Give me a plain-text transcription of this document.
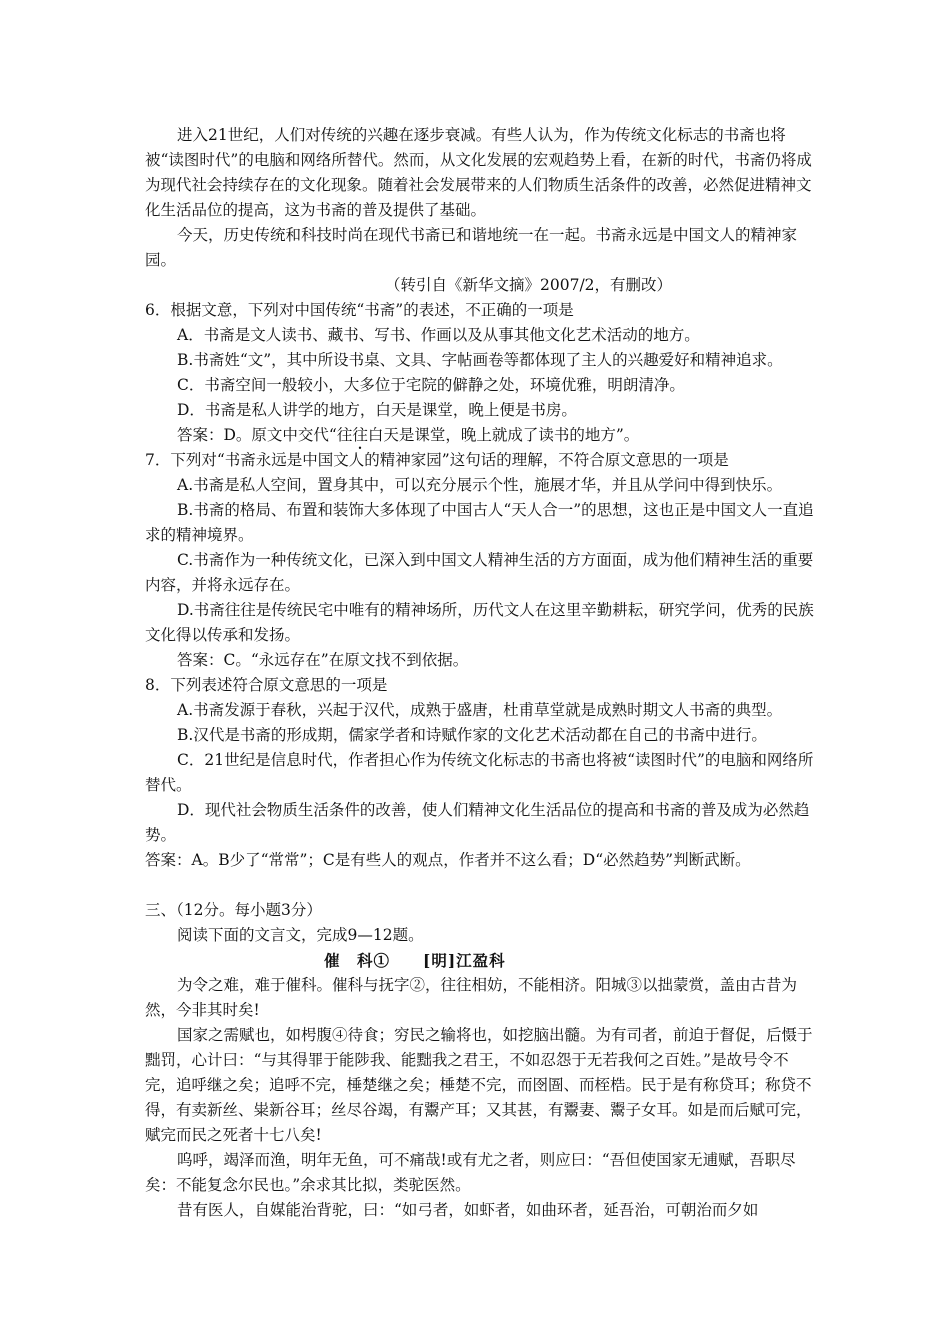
进入21世纪，人们对传统的兴趣在逐步衰减。有些人认为，作为传统文化标志的书斋也将被“读图时代”的电脑和网络所替代。然而，从文化发展的宏观趋势上看，在新的时代，书斋仍将成为现代社会持续存在的文化现象。随着社会发展带来的人们物质生活条件的改善，必然促进精神文化生活品位的提高，这为书斋的普及提供了基础。

今天，历史传统和科技时尚在现代书斋已和谐地统一在一起。书斋永远是中国文人的精神家园。

（转引自《新华文摘》2007/2，有删改）
6．根据文意，下列对中国传统“书斋”的表述，不正确的一项是
A．书斋是文人读书、藏书、写书、作画以及从事其他文化艺术活动的地方。
B.书斋姓“文”，其中所设书桌、文具、字帖画卷等都体现了主人的兴趣爱好和精神追求。
C．书斋空间一般较小，大多位于宅院的僻静之处，环境优雅，明朗清净。
D．书斋是私人讲学的地方，白天是课堂，晚上便是书房。
答案：D。原文中交代“往往白天是课堂，晚上就成了读书的地方”。
7．下列对“书斋永远是中国文人的精神家园”这句话的理解，不符合原文意思的一项是
A.书斋是私人空间，置身其中，可以充分展示个性，施展才华，并且从学问中得到快乐。

B.书斋的格局、布置和装饰大多体现了中国古人“天人合一”的思想，这也正是中国文人一直追求的精神境界。

C.书斋作为一种传统文化，已深入到中国文人精神生活的方方面面，成为他们精神生活的重要内容，并将永远存在。

D.书斋往往是传统民宅中唯有的精神场所，历代文人在这里辛勤耕耘，研究学问，优秀的民族文化得以传承和发扬。

答案：C。“永远存在”在原文找不到依据。
8．下列表述符合原文意思的一项是
A.书斋发源于春秋，兴起于汉代，成熟于盛唐，杜甫草堂就是成熟时期文人书斋的典型。
B.汉代是书斋的形成期，儒家学者和诗赋作家的文化艺术活动都在自己的书斋中进行。

C．21世纪是信息时代，作者担心作为传统文化标志的书斋也将被“读图时代”的电脑和网络所替代。

D．现代社会物质生活条件的改善，使人们精神文化生活品位的提高和书斋的普及成为必然趋势。

答案：A。B少了“常常”；C是有些人的观点，作者并不这么看；D“必然趋势”判断武断。
三、（12分。每小题3分）
阅读下面的文言文，完成9—12题。
催　科①　　[明]江盈科

为令之难，难于催科。催科与抚字②，往往相妨，不能相济。阳城③以拙蒙赏，盖由古昔为然，今非其时矣!

国家之需赋也，如枵腹④待食；穷民之输将也，如挖脑出髓。为有司者，前迫于督促，后慑于黜罚，心计曰：“与其得罪于能陟我、能黜我之君王，不如忍怨于无若我何之百姓。”是故号令不完，追呼继之矣；追呼不完，棰楚继之矣；棰楚不完，而囹圄、而桎梏。民于是有称贷耳；称贷不得，有卖新丝、粜新谷耳；丝尽谷竭，有鬻产耳；又其甚，有鬻妻、鬻子女耳。如是而后赋可完，赋完而民之死者十七八矣!

呜呼，竭泽而渔，明年无鱼，可不痛哉!或有尤之者，则应曰：“吾但使国家无逋赋，吾职尽矣：不能复念尔民也。”余求其比拟，类驼医然。

昔有医人，自媒能治背驼，曰：“如弓者，如虾者，如曲环者，延吾治，可朝治而夕如
